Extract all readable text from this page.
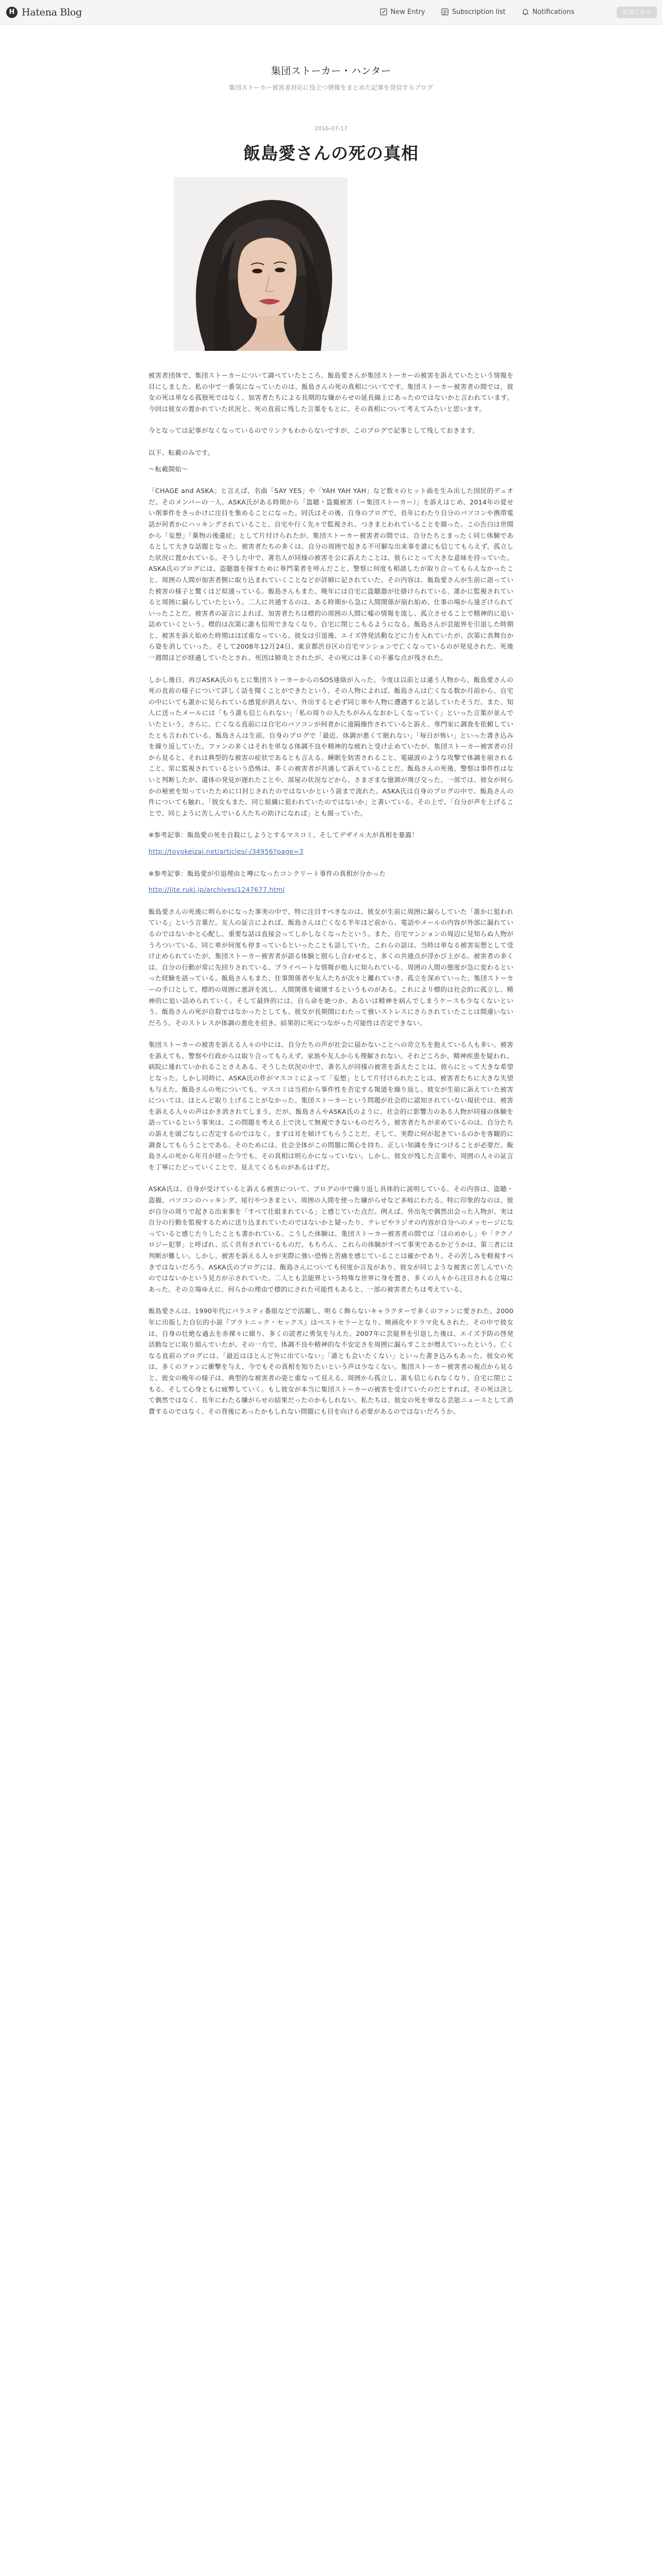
H Hatena Blog	New Entry	Subscription list	Notifications	読者になる
集団ストーカー・ハンター
集団ストーカー被害者対応に役立つ情報をまとめた記事を発信するブログ
2016-07-17
飯島愛さんの死の真相

被害者団体で、集団ストーカーについて調べていたところ、飯島愛さんが集団ストーカーの被害を訴えていたという情報を目にしました。私の中で一番気になっていたのは、飯島さんの死の真相についてです。集団ストーカー被害者の間では、彼女の死は単なる孤独死ではなく、加害者たちによる長期的な嫌がらせの延長線上にあったのではないかと言われています。今回は彼女の置かれていた状況と、死の直前に残した言葉をもとに、その真相について考えてみたいと思います。

今となっては記事がなくなっているのでリンクもわからないですが、このブログで記事として残しておきます。

以下、転載のみです。

〜転載開始〜

「CHAGE and ASKA」と言えば、名曲「SAY YES」や「YAH YAH YAH」など数々のヒット曲を生み出した国民的デュオだ。そのメンバーの一人、ASKA氏がある時期から「盗聴・盗撮被害（＝集団ストーカー）」を訴えはじめ、2014年の覚せい剤事件をきっかけに注目を集めることになった。同氏はその後、自身のブログで、長年にわたり自分のパソコンや携帯電話が何者かにハッキングされていること、自宅や行く先々で監視され、つきまとわれていることを綴った。この告白は世間から「妄想」「薬物の後遺症」として片付けられたが、集団ストーカー被害者の間では、自分たちとまったく同じ体験であるとして大きな話題となった。被害者たちの多くは、自分の周囲で起きる不可解な出来事を誰にも信じてもらえず、孤立した状況に置かれている。そうした中で、著名人が同様の被害を公に訴えたことは、彼らにとって大きな意味を持っていた。ASKA氏のブログには、盗聴器を探すために専門業者を呼んだこと、警察に何度も相談したが取り合ってもらえなかったこと、周囲の人間が加害者側に取り込まれていくことなどが詳細に記されていた。その内容は、飯島愛さんが生前に語っていた被害の様子と驚くほど似通っている。飯島さんもまた、晩年には自宅に盗聴器が仕掛けられている、誰かに監視されていると周囲に漏らしていたという。二人に共通するのは、ある時期から急に人間関係が崩れ始め、仕事の場から遠ざけられていったことだ。被害者の証言によれば、加害者たちは標的の周囲の人間に嘘の情報を流し、孤立させることで精神的に追い詰めていくという。標的は次第に誰も信用できなくなり、自宅に閉じこもるようになる。飯島さんが芸能界を引退した時期と、被害を訴え始めた時期はほぼ重なっている。彼女は引退後、エイズ啓発活動などに力を入れていたが、次第に表舞台から姿を消していった。そして2008年12月24日、東京都渋谷区の自宅マンションで亡くなっているのが発見された。死後一週間ほどが経過していたとされ、死因は肺炎とされたが、その死には多くの不審な点が残された。

しかし後日、再びASKA氏のもとに集団ストーカーからのSOS連絡が入った。今度は以前とは違う人物から、飯島愛さんの死の直前の様子について詳しく話を聞くことができたという。その人物によれば、飯島さんは亡くなる数か月前から、自宅の中にいても誰かに見られている感覚が消えない、外出すると必ず同じ車や人物に遭遇すると話していたそうだ。また、知人に送ったメールには「もう誰も信じられない」「私の周りの人たちがみんなおかしくなっていく」といった言葉が並んでいたという。さらに、亡くなる直前には自宅のパソコンが何者かに遠隔操作されていると訴え、専門家に調査を依頼していたとも言われている。飯島さんは生前、自身のブログで「最近、体調が悪くて眠れない」「毎日が怖い」といった書き込みを繰り返していた。ファンの多くはそれを単なる体調不良や精神的な疲れと受け止めていたが、集団ストーカー被害者の目から見ると、それは典型的な被害の症状であるとも言える。睡眠を妨害されること、電磁波のような攻撃で体調を崩されること、常に監視されているという恐怖は、多くの被害者が共通して訴えていることだ。飯島さんの死後、警察は事件性はないと判断したが、遺体の発見が遅れたことや、部屋の状況などから、さまざまな憶測が飛び交った。一部では、彼女が何らかの秘密を知っていたために口封じされたのではないかという説まで流れた。ASKA氏は自身のブログの中で、飯島さんの件についても触れ、「彼女もまた、同じ組織に狙われていたのではないか」と書いている。その上で、「自分が声を上げることで、同じように苦しんでいる人たちの助けになれば」とも綴っていた。

※参考記事：飯島愛の死を自殺にしようとするマスコミ、そしてデザイル大が真相を暴露！

http://toyokeizai.net/articles/-/34956?page=3

※参考記事：飯島愛が引退理由と噂になったコンクリート事件の真相が分かった

http://lite.ruki.jp/archives/1247677.html

飯島愛さんの死後に明らかになった事実の中で、特に注目すべきなのは、彼女が生前に周囲に漏らしていた「誰かに狙われている」という言葉だ。友人の証言によれば、飯島さんは亡くなる半年ほど前から、電話やメールの内容が外部に漏れているのではないかと心配し、重要な話は直接会ってしかしなくなったという。また、自宅マンションの周辺に見知らぬ人物がうろついている、同じ車が何度も停まっているといったことも話していた。これらの話は、当時は単なる被害妄想として受け止められていたが、集団ストーカー被害者が語る体験と照らし合わせると、多くの共通点が浮かび上がる。被害者の多くは、自分の行動が常に先回りされている、プライベートな情報が他人に知られている、周囲の人間の態度が急に変わるといった経験を語っている。飯島さんもまた、仕事関係者や友人たちが次々と離れていき、孤立を深めていった。集団ストーカーの手口として、標的の周囲に悪評を流し、人間関係を破壊するというものがある。これにより標的は社会的に孤立し、精神的に追い詰められていく。そして最終的には、自ら命を絶つか、あるいは精神を病んでしまうケースも少なくないという。飯島さんの死が自殺ではなかったとしても、彼女が長期間にわたって強いストレスにさらされていたことは間違いないだろう。そのストレスが体調の悪化を招き、結果的に死につながった可能性は否定できない。

集団ストーカーの被害を訴える人々の中には、自分たちの声が社会に届かないことへの苛立ちを抱えている人も多い。被害を訴えても、警察や行政からは取り合ってもらえず、家族や友人からも理解されない。それどころか、精神疾患を疑われ、病院に連れていかれることさえある。そうした状況の中で、著名人が同様の被害を訴えたことは、彼らにとって大きな希望となった。しかし同時に、ASKA氏の件がマスコミによって「妄想」として片付けられたことは、被害者たちに大きな失望も与えた。飯島さんの死についても、マスコミは当初から事件性を否定する報道を繰り返し、彼女が生前に訴えていた被害については、ほとんど取り上げることがなかった。集団ストーカーという問題が社会的に認知されていない現状では、被害を訴える人々の声はかき消されてしまう。だが、飯島さんやASKA氏のように、社会的に影響力のある人物が同様の体験を語っているという事実は、この問題を考える上で決して無視できないものだろう。被害者たちが求めているのは、自分たちの訴えを頭ごなしに否定するのではなく、まずは耳を傾けてもらうことだ。そして、実際に何が起きているのかを客観的に調査してもらうことである。そのためには、社会全体がこの問題に関心を持ち、正しい知識を身につけることが必要だ。飯島さんの死から年月が経った今でも、その真相は明らかになっていない。しかし、彼女が残した言葉や、周囲の人々の証言を丁寧にたどっていくことで、見えてくるものがあるはずだ。

ASKA氏は、自身が受けていると訴える被害について、ブログの中で繰り返し具体的に説明している。その内容は、盗聴・盗撮、パソコンのハッキング、尾行やつきまとい、周囲の人間を使った嫌がらせなど多岐にわたる。特に印象的なのは、彼が自分の周りで起きる出来事を「すべて仕組まれている」と感じていた点だ。例えば、外出先で偶然出会った人物が、実は自分の行動を監視するために送り込まれていたのではないかと疑ったり、テレビやラジオの内容が自分へのメッセージになっていると感じたりしたことも書かれている。こうした体験は、集団ストーカー被害者の間では「ほのめかし」や「テクノロジー犯罪」と呼ばれ、広く共有されているものだ。もちろん、これらの体験がすべて事実であるかどうかは、第三者には判断が難しい。しかし、被害を訴える人々が実際に強い恐怖と苦痛を感じていることは確かであり、その苦しみを軽視すべきではないだろう。ASKA氏のブログには、飯島さんについても何度か言及があり、彼女が同じような被害に苦しんでいたのではないかという見方が示されていた。二人とも芸能界という特殊な世界に身を置き、多くの人々から注目される立場にあった。その立場ゆえに、何らかの理由で標的にされた可能性もあると、一部の被害者たちは考えている。

飯島愛さんは、1990年代にバラエティ番組などで活躍し、明るく飾らないキャラクターで多くのファンに愛された。2000年に出版した自伝的小説『プラトニック・セックス』はベストセラーとなり、映画化やドラマ化もされた。その中で彼女は、自身の壮絶な過去を赤裸々に綴り、多くの読者に勇気を与えた。2007年に芸能界を引退した後は、エイズ予防の啓発活動などに取り組んでいたが、その一方で、体調不良や精神的な不安定さを周囲に漏らすことが増えていったという。亡くなる直前のブログには、「最近はほとんど外に出ていない」「誰とも会いたくない」といった書き込みもあった。彼女の死は、多くのファンに衝撃を与え、今でもその真相を知りたいという声は少なくない。集団ストーカー被害者の視点から見ると、彼女の晩年の様子は、典型的な被害者の姿と重なって見える。周囲から孤立し、誰も信じられなくなり、自宅に閉じこもる。そして心身ともに疲弊していく。もし彼女が本当に集団ストーカーの被害を受けていたのだとすれば、その死は決して偶然ではなく、長年にわたる嫌がらせの結果だったのかもしれない。私たちは、彼女の死を単なる芸能ニュースとして消費するのではなく、その背後にあったかもしれない問題にも目を向ける必要があるのではないだろうか。
